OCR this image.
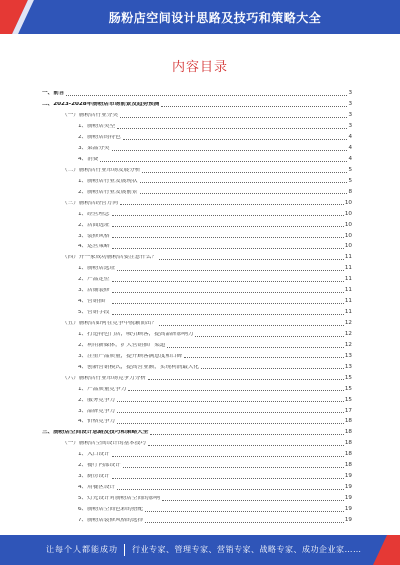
肠粉店空间设计思路及技巧和策略大全
内容目录
一、前言	3
二、2023-2028年肠粉店市场前景及趋势预测	3
（一）肠粉店行业分类	3
1、肠粉店类型	3
2、肠粉店的特色	4
3、菜品分类	4
4、消费	4
（二）肠粉店行业市场发展分析	5
1、肠粉店行业发展现状	5
2、肠粉店行业发展前景	8
（三）肠粉店经营方向	10
1、经营理念	10
2、店面选址	10
3、装修风格	10
4、运营策略	10
（四）开一家成功肠粉店要注意什么？	11
1、肠粉店选址	11
2、产品定位	11
3、店铺装修	11
4、营销推广	11
5、营销手段	11
（五）肠粉店如何在竞争中脱颖而出？	12
1、打造特色门店，吸引顾客，提高品牌影响力	12
2、利用新媒体，扩大营销推广渠道	12
3、注重产品质量，提升顾客满意度和口碑	13
4、创新营销模式，提高营业额，实现利润最大化	13
（六）肠粉店行业市场竞争力分析	15
1、产品质量竞争力	15
2、服务竞争力	15
3、品牌竞争力	17
4、价格竞争力	18
三、肠粉店空间设计思路及技巧和策略大全	18
（一）肠粉店空间设计的基本技巧	18
1、入口设计	18
2、餐厅内部设计	18
3、厨房设计	19
4、用餐区设计	19
5、灯光设计对肠粉店空间的影响	19
6、肠粉店空间色彩的搭配	19
7、肠粉店装修风格的选择	19
让每个人都能成功 行业专家、管理专家、营销专家、战略专家、成功企业家……
